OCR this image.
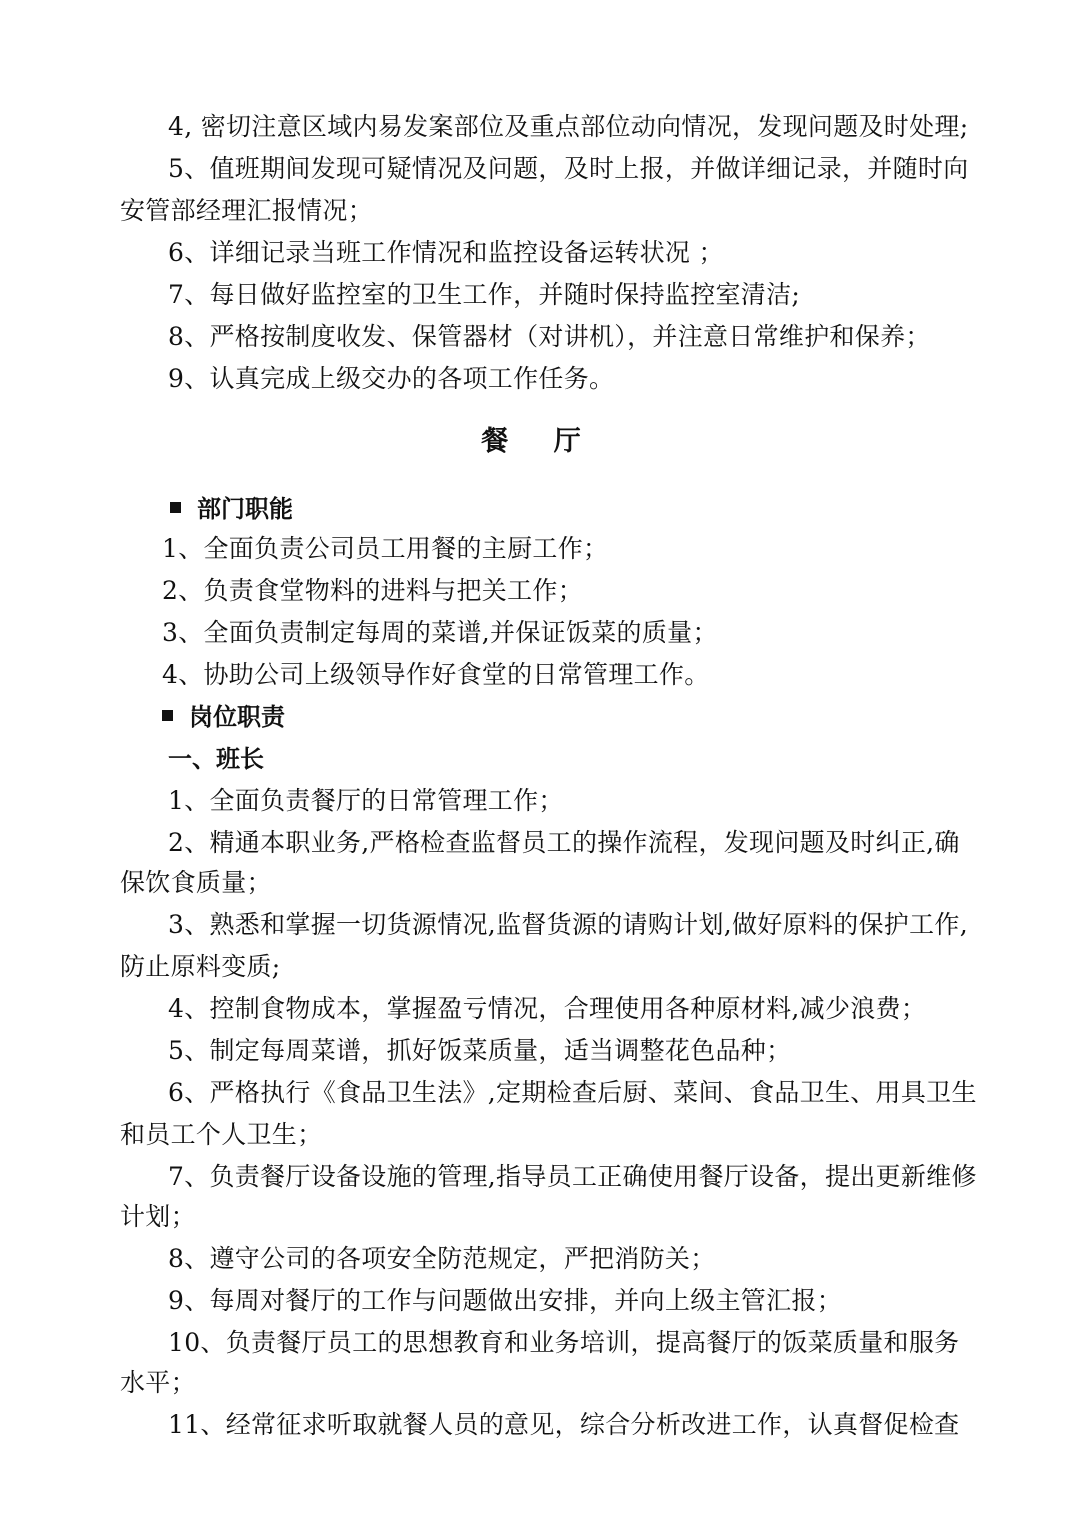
4, 密切注意区域内易发案部位及重点部位动向情况，发现问题及时处理;
5、值班期间发现可疑情况及问题，及时上报，并做详细记录，并随时向
安管部经理汇报情况；
6、详细记录当班工作情况和监控设备运转状况 ；
7、每日做好监控室的卫生工作，并随时保持监控室清洁;
8、严格按制度收发、保管器材（对讲机），并注意日常维护和保养；
9、认真完成上级交办的各项工作任务。
餐 厅
部门职能
1、全面负责公司员工用餐的主厨工作；
2、负责食堂物料的进料与把关工作；
3、全面负责制定每周的菜谱,并保证饭菜的质量；
4、协助公司上级领导作好食堂的日常管理工作。
岗位职责
一、班长
1、全面负责餐厅的日常管理工作；
2、精通本职业务,严格检查监督员工的操作流程，发现问题及时纠正,确
保饮食质量；
3、熟悉和掌握一切货源情况,监督货源的请购计划,做好原料的保护工作,
防止原料变质;
4、控制食物成本，掌握盈亏情况，合理使用各种原材料,减少浪费；
5、制定每周菜谱，抓好饭菜质量，适当调整花色品种；
6、严格执行《食品卫生法》,定期检查后厨、菜间、食品卫生、用具卫生
和员工个人卫生；
7、负责餐厅设备设施的管理,指导员工正确使用餐厅设备，提出更新维修
计划；
8、遵守公司的各项安全防范规定，严把消防关；
9、每周对餐厅的工作与问题做出安排，并向上级主管汇报；
10、负责餐厅员工的思想教育和业务培训，提高餐厅的饭菜质量和服务
水平；
11、经常征求听取就餐人员的意见，综合分析改进工作，认真督促检查
